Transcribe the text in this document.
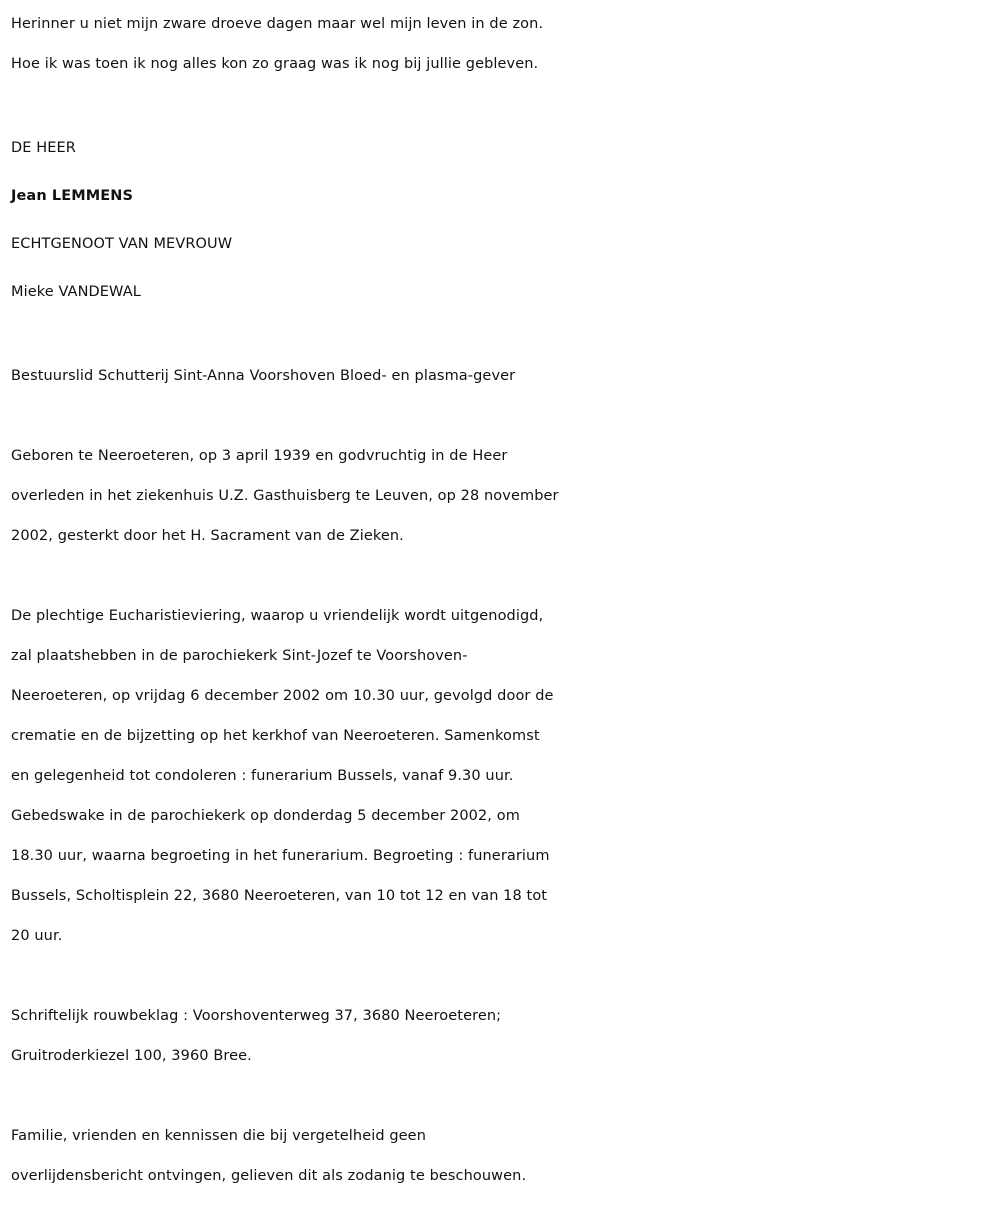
Herinner u niet mijn zware droeve dagen maar wel mijn leven in de zon.

Hoe ik was toen ik nog alles kon zo graag was ik nog bij jullie gebleven.

DE HEER

Jean LEMMENS

ECHTGENOOT VAN MEVROUW

Mieke VANDEWAL

Bestuurslid Schutterij Sint-Anna Voorshoven Bloed- en plasma-gever

Geboren te Neeroeteren, op 3 april 1939 en godvruchtig in de Heer

overleden in het ziekenhuis U.Z. Gasthuisberg te Leuven, op 28 november

2002, gesterkt door het H. Sacrament van de Zieken.

De plechtige Eucharistieviering, waarop u vriendelijk wordt uitgenodigd,

zal plaatshebben in de parochiekerk Sint-Jozef te Voorshoven-

Neeroeteren, op vrijdag 6 december 2002 om 10.30 uur, gevolgd door de

crematie en de bijzetting op het kerkhof van Neeroeteren. Samenkomst

en gelegenheid tot condoleren : funerarium Bussels, vanaf 9.30 uur.

Gebedswake in de parochiekerk op donderdag 5 december 2002, om

18.30 uur, waarna begroeting in het funerarium. Begroeting : funerarium

Bussels, Scholtisplein 22, 3680 Neeroeteren, van 10 tot 12 en van 18 tot

20 uur.

Schriftelijk rouwbeklag : Voorshoventerweg 37, 3680 Neeroeteren;

Gruitroderkiezel 100, 3960 Bree.

Familie, vrienden en kennissen die bij vergetelheid geen

overlijdensbericht ontvingen, gelieven dit als zodanig te beschouwen.
